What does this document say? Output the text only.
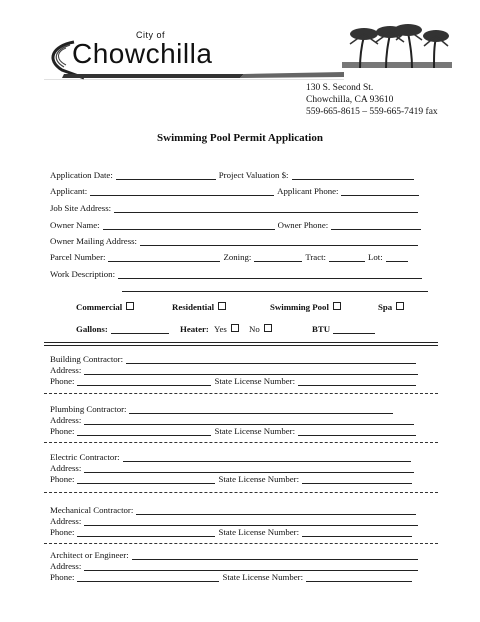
City of
Chowchilla
130 S. Second St.
Chowchilla, CA 93610
559-665-8615 – 559-665-7419 fax
Swimming Pool Permit Application
Application Date:	Project Valuation $:
Applicant:	Applicant Phone:
Job Site Address:
Owner Name:	Owner Phone:
Owner Mailing Address:
Parcel Number:	Zoning:	Tract:	Lot:
Work Description:
Commercial	Residential	Swimming Pool	Spa
Gallons:	Heater: Yes	No	BTU
Building Contractor:
Address:
Phone:	State License Number:
Plumbing Contractor:
Address:
Phone:	State License Number:
Electric Contractor:
Address:
Phone:	State License Number:
Mechanical Contractor:
Address:
Phone:	State License Number:
Architect or Engineer:
Address:
Phone:	State License Number:
